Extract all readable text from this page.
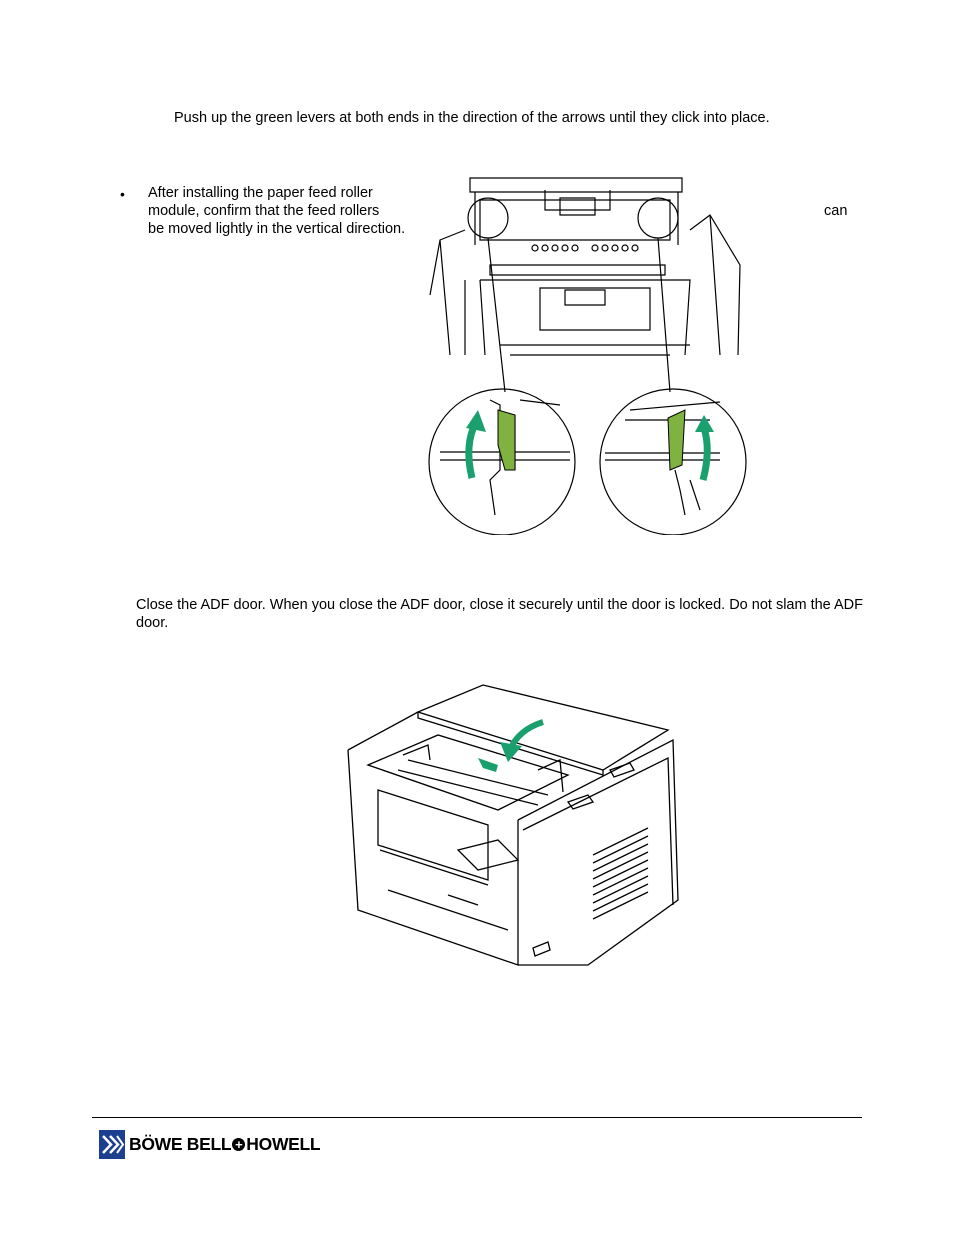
Push up the green levers at both ends in the direction of the arrows until they click into place.
• After installing the paper feed roller module, confirm that the feed rollers
be moved lightly in the vertical direction.
can
Close the ADF door. When you close the ADF door, close it securely until the door is locked. Do not slam the ADF door.
BÖWE BELL + HOWELL
